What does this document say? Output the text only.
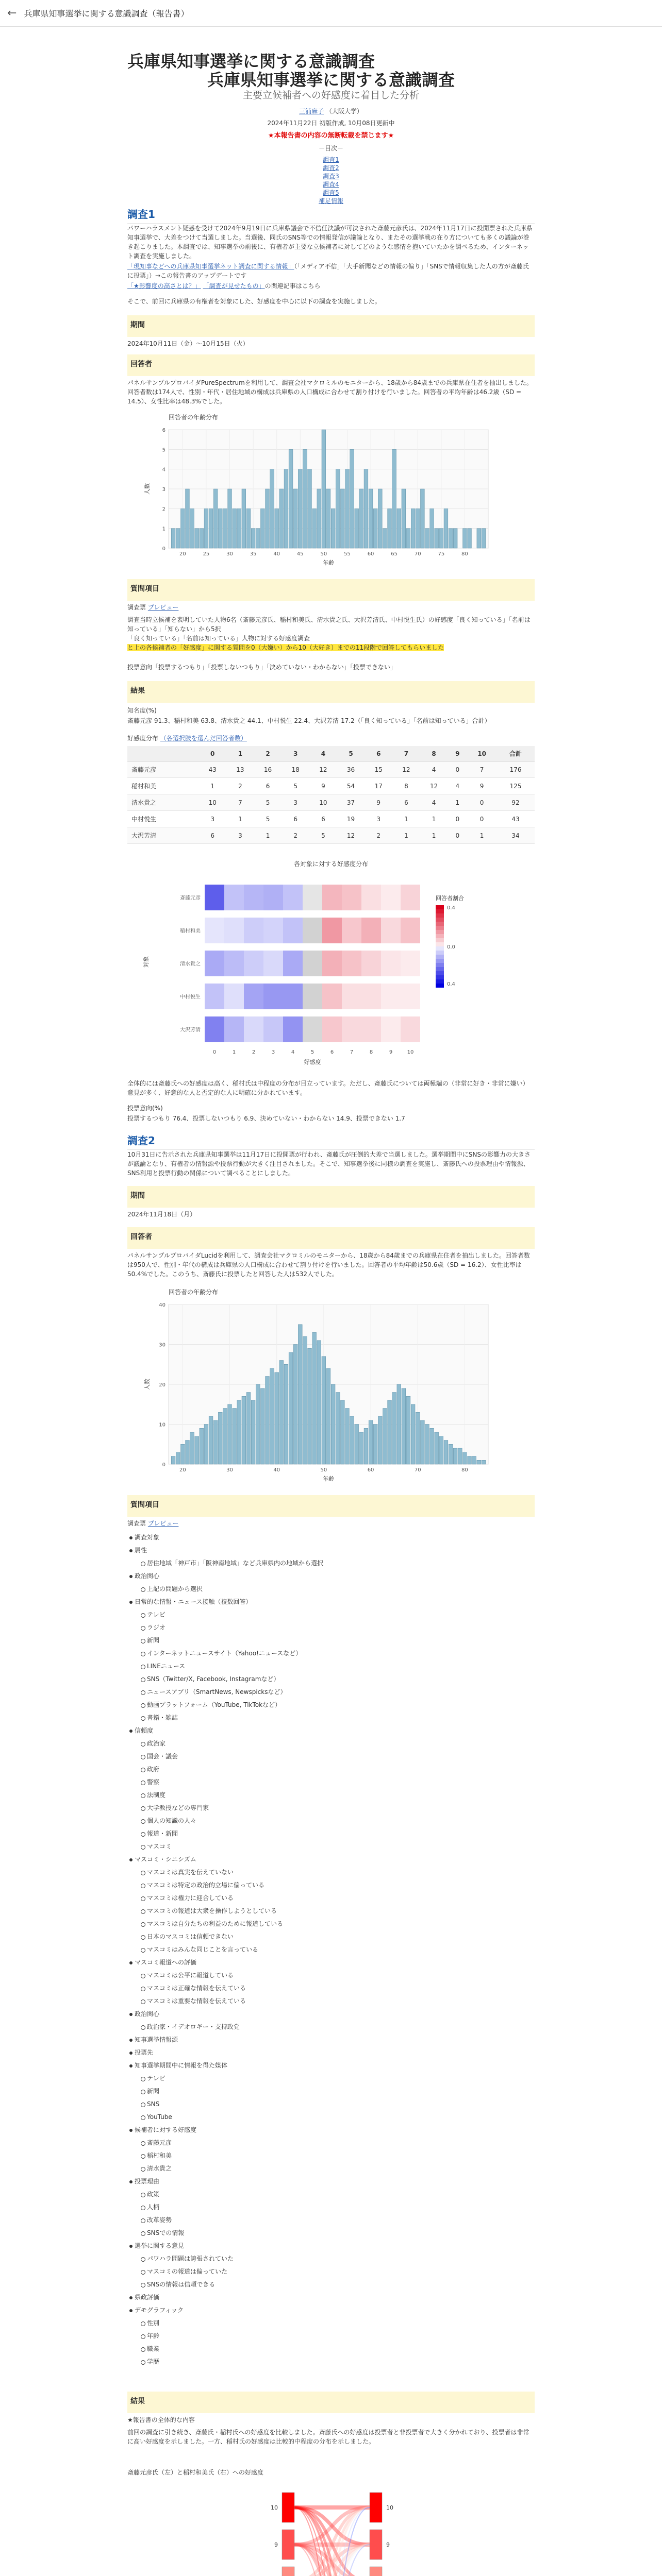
← 兵庫県知事選挙に関する意識調査（報告書）
兵庫県知事選挙に関する意識調査
兵庫県知事選挙に関する意識調査
主要立候補者への好感度に着目した分析
三浦麻子 （大阪大学）
2024年11月22日 初版作成, 10月08日更新中
★本報告書の内容の無断転載を禁じます★
－目次－
調査1
調査2
調査3
調査4
調査5
補足情報
調査1
パワーハラスメント疑惑を受けて2024年9月19日に兵庫県議会で不信任決議が可決された斎藤元彦氏は、2024年11月17日に投開票された兵庫県知事選挙で、大差をつけて当選しました。当選後、同氏のSNS等での情報発信が議論となり、またその選挙戦の在り方についても多くの議論が巻き起こりました。本調査では、知事選挙の前後に、有権者が主要な立候補者に対してどのような感情を抱いていたかを調べるため、インターネット調査を実施しました。
「現知事などへの兵庫県知事選挙ネット調査に関する情報」（「メディア不信」「大手新聞などの情報の偏り」「SNSで情報収集した人の方が斎藤氏に投票」）→この報告書のアップデートです
「★影響度の高さとは？」 「調査が見せたもの」の関連記事はこちら
そこで、前回に兵庫県の有権者を対象にした、好感度を中心に以下の調査を実施しました。
期間
2024年10月11日（金）〜10月15日（火）
回答者
パネルサンプルプロバイダPureSpectrumを利用して、調査会社マクロミルのモニターから、18歳から84歳までの兵庫県在住者を抽出しました。回答者数は174人で、性別・年代・居住地域の構成は兵庫県の人口構成に合わせて割り付けを行いました。回答者の平均年齢は46.2歳（SD = 14.5）、女性比率は48.3%でした。
回答者の年齢分布
0
1
2
3
4
5
6
20	25	30	35	40	45	50	55	60	65	70	75	80
年齢
人数
質問項目
調査票 プレビュー
調査当時立候補を表明していた人物6名（斎藤元彦氏、稲村和美氏、清水貴之氏、大沢芳清氏、中村悦生氏）の好感度「良く知っている」「名前は知っている」「知らない」から5択
「良く知っている」「名前は知っている」人物に対する好感度調査
と上の各候補者の「好感度」に関する質問を0（大嫌い）から10（大好き）までの11段階で回答してもらいました
投票意向「投票するつもり」「投票しないつもり」「決めていない・わからない」「投票できない」
結果
知名度(%)
斎藤元彦 91.3、稲村和美 63.8、清水貴之 44.1、中村悦生 22.4、大沢芳清 17.2（「良く知っている」「名前は知っている」合計）
好感度分布 （各選択肢を選んだ回答者数）
	0	1	2	3	4	5	6	7	8	9	10	合計
斎藤元彦	43	13	16	18	12	36	15	12	4	0	7	176
稲村和美	1	2	6	5	9	54	17	8	12	4	9	125
清水貴之	10	7	5	3	10	37	9	6	4	1	0	92
中村悦生	3	1	5	6	6	19	3	1	1	0	0	43
大沢芳清	6	3	1	2	5	12	2	1	1	0	1	34
各対象に対する好感度分布
斎藤元彦
稲村和美
清水貴之
中村悦生
大沢芳清
0	1	2	3	4	5	6	7	8	9	10
好感度
対象
回答者割合
0.4
0.0
0.4
全体的には斎藤氏への好感度は高く、稲村氏は中程度の分布が目立っています。ただし、斎藤氏については両極端の（非常に好き・非常に嫌い）意見が多く、好意的な人と否定的な人に明確に分かれています。
投票意向(%)
投票するつもり 76.4、投票しないつもり 6.9、決めていない・わからない 14.9、投票できない 1.7
調査2
10月31日に告示された兵庫県知事選挙は11月17日に投開票が行われ、斎藤氏が圧倒的大差で当選しました。選挙期間中にSNSの影響力の大きさが議論となり、有権者の情報源や投票行動が大きく注目されました。そこで、知事選挙後に同様の調査を実施し、斎藤氏への投票理由や情報源、SNS利用と投票行動の関係について調べることにしました。
期間
2024年11月18日（月）
回答者
パネルサンプルプロバイダLucidを利用して、調査会社マクロミルのモニターから、18歳から84歳までの兵庫県在住者を抽出しました。回答者数は950人で、性別・年代の構成は兵庫県の人口構成に合わせて割り付けを行いました。回答者の平均年齢は50.6歳（SD = 16.2）、女性比率は50.4%でした。このうち、斎藤氏に投票したと回答した人は532人でした。
回答者の年齢分布
0
10
20
30
40
20	30	40	50	60	70	80
年齢
人数
質問項目
調査票 プレビュー
調査対象
属性
居住地域「神戸市」「阪神南地域」など兵庫県内の地域から選択
政治関心
上記の問題から選択
日常的な情報・ニュース接触（複数回答）
テレビ
ラジオ
新聞
インターネットニュースサイト（Yahoo!ニュースなど）
LINEニュース
SNS（Twitter/X, Facebook, Instagramなど）
ニュースアプリ（SmartNews, Newspicksなど）
動画プラットフォーム（YouTube, TikTokなど）
書籍・雑誌
信頼度
政治家
国会・議会
政府
警察
法制度
大学教授などの専門家
個人の知識の人々
報道・新聞
マスコミ
マスコミ・シニシズム
マスコミは真実を伝えていない
マスコミは特定の政治的立場に偏っている
マスコミは権力に迎合している
マスコミの報道は大衆を操作しようとしている
マスコミは自分たちの利益のために報道している
日本のマスコミは信頼できない
マスコミはみんな同じことを言っている
マスコミ報道への評価
マスコミは公平に報道している
マスコミは正確な情報を伝えている
マスコミは重要な情報を伝えている
政治関心
政治家・イデオロギー・支持政党
知事選挙情報源
投票先
知事選挙期間中に情報を得た媒体
テレビ
新聞
SNS
YouTube
候補者に対する好感度
斎藤元彦
稲村和美
清水貴之
投票理由
政策
人柄
改革姿勢
SNSでの情報
選挙に関する意見
パワハラ問題は誇張されていた
マスコミの報道は偏っていた
SNSの情報は信頼できる
県政評価
デモグラフィック
性別
年齢
職業
学歴
結果
★報告書の全体的な内容
前回の調査に引き続き、斎藤氏・稲村氏への好感度を比較しました。斎藤氏への好感度は投票者と非投票者で大きく分かれており、投票者は非常に高い好感度を示しました。一方、稲村氏の好感度は比較的中程度の分布を示しました。
斎藤元彦氏（左）と稲村和美氏（右）への好感度
10
9
10
9
